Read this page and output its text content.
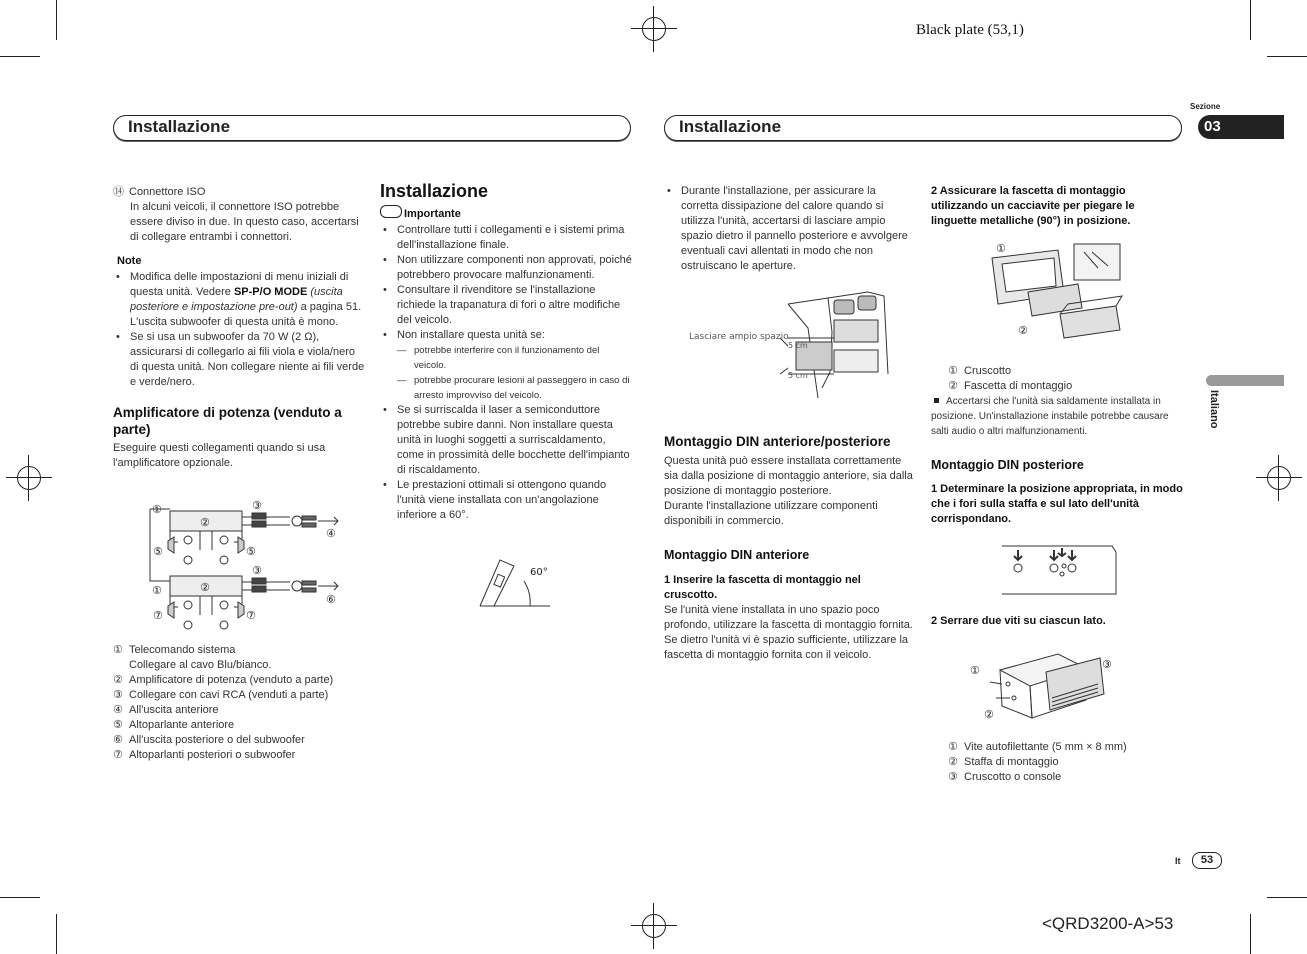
Black plate (53,1)
Installazione	Installazione
Sezione
03
Italiano

⑭ Connettore ISO

In alcuni veicoli, il connettore ISO potrebbe essere diviso in due. In questo caso, accertarsi di collegare entrambi i connettori.

Note

• Modifica delle impostazioni di menu iniziali di questa unità. Vedere SP-P/O MODE (uscita posteriore e impostazione pre-out) a pagina 51.
L'uscita subwoofer di questa unità è mono.
• Se si usa un subwoofer da 70 W (2 Ω), assicurarsi di collegarlo ai fili viola e viola/nero di questa unità. Non collegare niente ai fili verde e verde/nero.

Amplificatore di potenza (venduto a parte)

Eseguire questi collegamenti quando si usa l'amplificatore opzionale.

①
②
③
④
⑤	⑤
③
①	②
⑥
⑦	⑦
① Telecomando sistema
Collegare al cavo Blu/bianco.
② Amplificatore di potenza (venduto a parte)
③ Collegare con cavi RCA (venduti a parte)
④ All'uscita anteriore
⑤ Altoparlante anteriore
⑥ All'uscita posteriore o del subwoofer
⑦ Altoparlanti posteriori o subwoofer

Installazione

Importante

• Controllare tutti i collegamenti e i sistemi prima dell'installazione finale.
• Non utilizzare componenti non approvati, poiché potrebbero provocare malfunzionamenti.
• Consultare il rivenditore se l'installazione richiede la trapanatura di fori o altre modifiche del veicolo.
• Non installare questa unità se:
— potrebbe interferire con il funzionamento del veicolo.
— potrebbe procurare lesioni al passeggero in caso di arresto improvviso del veicolo.
• Se si surriscalda il laser a semiconduttore potrebbe subire danni. Non installare questa unità in luoghi soggetti a surriscaldamento, come in prossimità delle bocchette dell'impianto di riscaldamento.
• Le prestazioni ottimali si ottengono quando l'unità viene installata con un'angolazione inferiore a 60°.
60°
• Durante l'installazione, per assicurare la corretta dissipazione del calore quando si utilizza l'unità, accertarsi di lasciare ampio spazio dietro il pannello posteriore e avvolgere eventuali cavi allentati in modo che non ostruiscano le aperture.
Lasciare ampio spazio
5 cm
5 cm

Montaggio DIN anteriore/posteriore

Questa unità può essere installata correttamente sia dalla posizione di montaggio anteriore, sia dalla posizione di montaggio posteriore.

Durante l'installazione utilizzare componenti disponibili in commercio.

Montaggio DIN anteriore

1 Inserire la fascetta di montaggio nel cruscotto.

Se l'unità viene installata in uno spazio poco profondo, utilizzare la fascetta di montaggio fornita. Se dietro l'unità vi è spazio sufficiente, utilizzare la fascetta di montaggio fornita con il veicolo.

2 Assicurare la fascetta di montaggio utilizzando un cacciavite per piegare le linguette metalliche (90°) in posizione.

①
②
① Cruscotto
② Fascetta di montaggio

Accertarsi che l'unità sia saldamente installata in posizione. Un'installazione instabile potrebbe causare salti audio o altri malfunzionamenti.

Montaggio DIN posteriore

1 Determinare la posizione appropriata, in modo che i fori sulla staffa e sul lato dell'unità corrispondano.

2 Serrare due viti su ciascun lato.

①
②
③
① Vite autofilettante (5 mm × 8 mm)
② Staffa di montaggio
③ Cruscotto o console
It	53
<QRD3200-A>53
